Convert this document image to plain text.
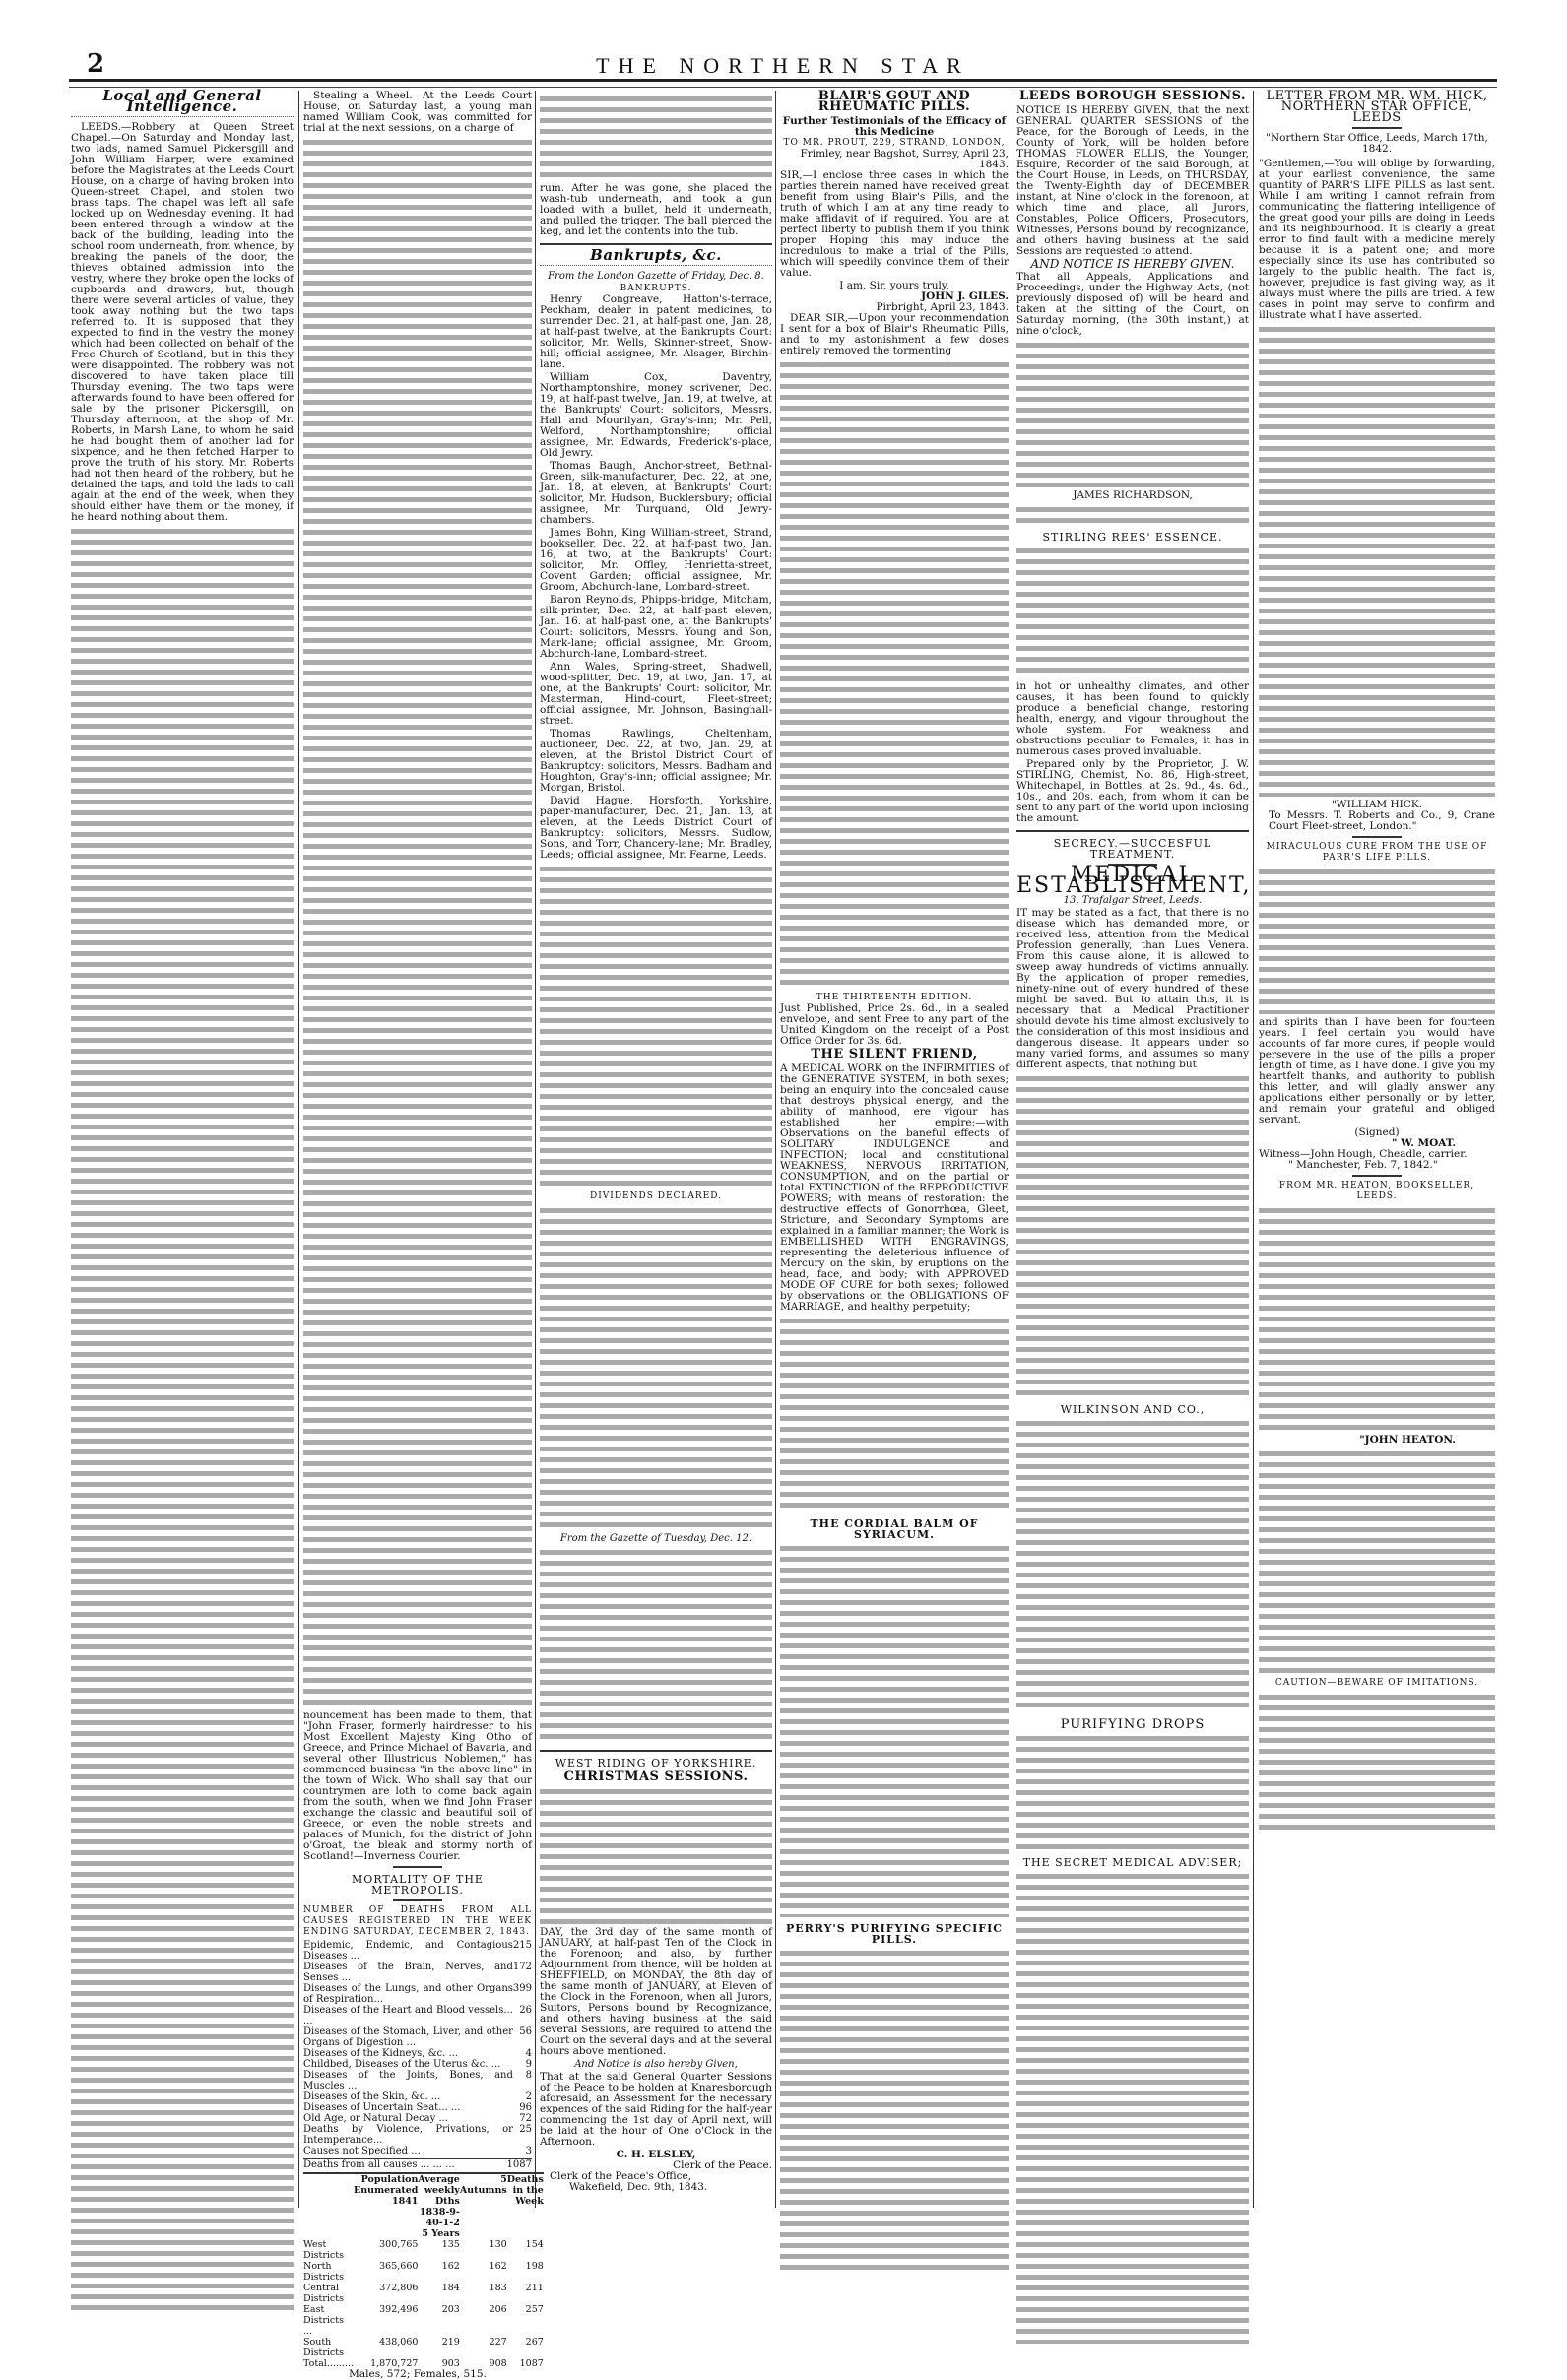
2	THE NORTHERN STAR
Local and General Intelligence.

LEEDS.—Robbery at Queen Street Chapel.—On Saturday and Monday last, two lads, named Samuel Pickersgill and John William Harper, were examined before the Magistrates at the Leeds Court House, on a charge of having broken into Queen-street Chapel, and stolen two brass taps. The chapel was left all safe locked up on Wednesday evening. It had been entered through a window at the back of the building, leading into the school room underneath, from whence, by breaking the panels of the door, the thieves obtained admission into the vestry, where they broke open the locks of cupboards and drawers; but, though there were several articles of value, they took away nothing but the two taps referred to. It is supposed that they expected to find in the vestry the money which had been collected on behalf of the Free Church of Scotland, but in this they were disappointed. The robbery was not discovered to have taken place till Thursday evening. The two taps were afterwards found to have been offered for sale by the prisoner Pickersgill, on Thursday afternoon, at the shop of Mr. Roberts, in Marsh Lane, to whom he said he had bought them of another lad for sixpence, and he then fetched Harper to prove the truth of his story. Mr. Roberts had not then heard of the robbery, but he detained the taps, and told the lads to call again at the end of the week, when they should either have them or the money, if he heard nothing about them.

Stealing a Wheel.—At the Leeds Court House, on Saturday last, a young man named William Cook, was committed for trial at the next sessions, on a charge of

nouncement has been made to them, that "John Fraser, formerly hairdresser to his Most Excellent Majesty King Otho of Greece, and Prince Michael of Bavaria, and several other Illustrious Noblemen," has commenced business "in the above line" in the town of Wick. Who shall say that our countrymen are loth to come back again from the south, when we find John Fraser exchange the classic and beautiful soil of Greece, or even the noble streets and palaces of Munich, for the district of John o'Groat, the bleak and stormy north of Scotland!—Inverness Courier.

MORTALITY OF THE METROPOLIS.

NUMBER OF DEATHS FROM ALL CAUSES REGISTERED IN THE WEEK ENDING SATURDAY, DECEMBER 2, 1843.

Epidemic, Endemic, and Contagious Diseases ...	215
Diseases of the Brain, Nerves, and Senses ...	172
Diseases of the Lungs, and other Organs of Respiration...	399
Diseases of the Heart and Blood vessels... ...	26
Diseases of the Stomach, Liver, and other Organs of Digestion ...	56
Diseases of the Kidneys, &c. ...	4
Childbed, Diseases of the Uterus &c. ...	9
Diseases of the Joints, Bones, and Muscles ...	8
Diseases of the Skin, &c. ...	2
Diseases of Uncertain Seat... ...	96
Old Age, or Natural Decay ...	72
Deaths by Violence, Privations, or Intemperance...	25
Causes not Specified ...	3
Deaths from all causes ... ... ...	1087
	Population Enumerated 1841	Average weekly Dths 1838-9-40-1-2 5 Years	5 Autumns	Deaths in the Week
West Districts	300,765	135	130	154
North Districts	365,660	162	162	198
Central Districts	372,806	184	183	211
East Districts ...	392,496	203	206	257
South Districts	438,060	219	227	267
Total.........	1,870,727	903	908	1087
Males, 572; Females, 515.

rum. After he was gone, she placed the wash-tub underneath, and took a gun loaded with a bullet, held it underneath, and pulled the trigger. The ball pierced the keg, and let the contents into the tub.

Bankrupts, &c.
From the London Gazette of Friday, Dec. 8.
BANKRUPTS.

Henry Congreave, Hatton's-terrace, Peckham, dealer in patent medicines, to surrender Dec. 21, at half-past one, Jan. 28, at half-past twelve, at the Bankrupts Court: solicitor, Mr. Wells, Skinner-street, Snow-hill; official assignee, Mr. Alsager, Birchin-lane.

William Cox, Daventry, Northamptonshire, money scrivener, Dec. 19, at half-past twelve, Jan. 19, at twelve, at the Bankrupts' Court: solicitors, Messrs. Hall and Mourilyan, Gray's-inn; Mr. Pell, Welford, Northamptonshire; official assignee, Mr. Edwards, Frederick's-place, Old Jewry.

Thomas Baugh, Anchor-street, Bethnal-Green, silk-manufacturer, Dec. 22, at one, Jan. 18, at eleven, at Bankrupts' Court: solicitor, Mr. Hudson, Bucklersbury; official assignee, Mr. Turquand, Old Jewry-chambers.

James Bohn, King William-street, Strand, bookseller, Dec. 22, at half-past two, Jan. 16, at two, at the Bankrupts' Court: solicitor, Mr. Offley, Henrietta-street, Covent Garden; official assignee, Mr. Groom, Abchurch-lane, Lombard-street.

Baron Reynolds, Phipps-bridge, Mitcham, silk-printer, Dec. 22, at half-past eleven, Jan. 16. at half-past one, at the Bankrupts' Court: solicitors, Messrs. Young and Son, Mark-lane; official assignee, Mr. Groom, Abchurch-lane, Lombard-street.

Ann Wales, Spring-street, Shadwell, wood-splitter, Dec. 19, at two, Jan. 17, at one, at the Bankrupts' Court: solicitor, Mr. Masterman, Hind-court, Fleet-street; official assignee, Mr. Johnson, Basinghall-street.

Thomas Rawlings, Cheltenham, auctioneer, Dec. 22, at two, Jan. 29, at eleven, at the Bristol District Court of Bankruptcy: solicitors, Messrs. Badham and Houghton, Gray's-inn; official assignee; Mr. Morgan, Bristol.

David Hague, Horsforth, Yorkshire, paper-manufacturer, Dec. 21, Jan. 13, at eleven, at the Leeds District Court of Bankruptcy: solicitors, Messrs. Sudlow, Sons, and Torr, Chancery-lane; Mr. Bradley, Leeds; official assignee, Mr. Fearne, Leeds.

DIVIDENDS DECLARED.
From the Gazette of Tuesday, Dec. 12.
WEST RIDING OF YORKSHIRE.
CHRISTMAS SESSIONS.

DAY, the 3rd day of the same month of JANUARY, at half-past Ten of the Clock in the Forenoon; and also, by further Adjournment from thence, will be holden at SHEFFIELD, on MONDAY, the 8th day of the same month of JANUARY, at Eleven of the Clock in the Forenoon, when all Jurors, Suitors, Persons bound by Recognizance, and others having business at the said several Sessions, are required to attend the Court on the several days and at the several hours above mentioned.

And Notice is also hereby Given,

That at the said General Quarter Sessions of the Peace to be holden at Knaresborough aforesaid, an Assessment for the necessary expences of the said Riding for the half-year commencing the 1st day of April next, will be laid at the hour of One o'Clock in the Afternoon.

C. H. ELSLEY,
Clerk of the Peace.
Clerk of the Peace's Office,
Wakefield, Dec. 9th, 1843.
BLAIR'S GOUT AND RHEUMATIC PILLS.
Further Testimonials of the Efficacy of this Medicine
TO MR. PROUT, 229, STRAND, LONDON,
Frimley, near Bagshot, Surrey, April 23, 1843.

SIR,—I enclose three cases in which the parties therein named have received great benefit from using Blair's Pills, and the truth of which I am at any time ready to make affidavit of if required. You are at perfect liberty to publish them if you think proper. Hoping this may induce the incredulous to make a trial of the Pills, which will speedily convince them of their value.

I am, Sir, yours truly,
JOHN J. GILES.
Pirbright, April 23, 1843.

DEAR SIR,—Upon your recommendation I sent for a box of Blair's Rheumatic Pills, and to my astonishment a few doses entirely removed the tormenting

THE THIRTEENTH EDITION.

Just Published, Price 2s. 6d., in a sealed envelope, and sent Free to any part of the United Kingdom on the receipt of a Post Office Order for 3s. 6d.

THE SILENT FRIEND,

A MEDICAL WORK on the INFIRMITIES of the GENERATIVE SYSTEM, in both sexes; being an enquiry into the concealed cause that destroys physical energy, and the ability of manhood, ere vigour has established her empire:—with Observations on the baneful effects of SOLITARY INDULGENCE and INFECTION; local and constitutional WEAKNESS, NERVOUS IRRITATION, CONSUMPTION, and on the partial or total EXTINCTION of the REPRODUCTIVE POWERS; with means of restoration: the destructive effects of Gonorrhœa, Gleet, Stricture, and Secondary Symptoms are explained in a familiar manner; the Work is EMBELLISHED WITH ENGRAVINGS, representing the deleterious influence of Mercury on the skin, by eruptions on the head, face, and body; with APPROVED MODE OF CURE for both sexes; followed by observations on the OBLIGATIONS OF MARRIAGE, and healthy perpetuity;

THE CORDIAL BALM OF SYRIACUM.
PERRY'S PURIFYING SPECIFIC PILLS.
LEEDS BOROUGH SESSIONS.

NOTICE IS HEREBY GIVEN, that the next GENERAL QUARTER SESSIONS of the Peace, for the Borough of Leeds, in the County of York, will be holden before THOMAS FLOWER ELLIS, the Younger, Esquire, Recorder of the said Borough, at the Court House, in Leeds, on THURSDAY, the Twenty-Eighth day of DECEMBER instant, at Nine o'clock in the forenoon, at which time and place, all Jurors, Constables, Police Officers, Prosecutors, Witnesses, Persons bound by recognizance, and others having business at the said Sessions are requested to attend.

AND NOTICE IS HEREBY GIVEN.

That all Appeals, Applications and Proceedings, under the Highway Acts, (not previously disposed of) will be heard and taken at the sitting of the Court, on Saturday morning, (the 30th instant,) at nine o'clock,

JAMES RICHARDSON,
STIRLING REES' ESSENCE.

in hot or unhealthy climates, and other causes, it has been found to quickly produce a beneficial change, restoring health, energy, and vigour throughout the whole system. For weakness and obstructions peculiar to Females, it has in numerous cases proved invaluable.

Prepared only by the Proprietor, J. W. STIRLING, Chemist, No. 86, High-street, Whitechapel, in Bottles, at 2s. 9d., 4s. 6d., 10s., and 20s. each, from whom it can be sent to any part of the world upon inclosing the amount.

SECRECY.—SUCCESFUL TREATMENT.
MEDICAL ESTABLISHMENT,
13, Trafalgar Street, Leeds.

IT may be stated as a fact, that there is no disease which has demanded more, or received less, attention from the Medical Profession generally, than Lues Venera. From this cause alone, it is allowed to sweep away hundreds of victims annually. By the application of proper remedies, ninety-nine out of every hundred of these might be saved. But to attain this, it is necessary that a Medical Practitioner should devote his time almost exclusively to the consideration of this most insidious and dangerous disease. It appears under so many varied forms, and assumes so many different aspects, that nothing but

WILKINSON AND CO.,
PURIFYING DROPS
THE SECRET MEDICAL ADVISER;
LETTER FROM MR. WM. HICK, NORTHERN STAR OFFICE, LEEDS
"Northern Star Office, Leeds, March 17th, 1842.

"Gentlemen,—You will oblige by forwarding, at your earliest convenience, the same quantity of PARR'S LIFE PILLS as last sent. While I am writing I cannot refrain from communicating the flattering intelligence of the great good your pills are doing in Leeds and its neighbourhood. It is clearly a great error to find fault with a medicine merely because it is a patent one; and more especially since its use has contributed so largely to the public health. The fact is, however, prejudice is fast giving way, as it always must where the pills are tried. A few cases in point may serve to confirm and illustrate what I have asserted.

"WILLIAM HICK.
To Messrs. T. Roberts and Co., 9, Crane Court Fleet-street, London."
MIRACULOUS CURE FROM THE USE OF PARR'S LIFE PILLS.

and spirits than I have been for fourteen years. I feel certain you would have accounts of far more cures, if people would persevere in the use of the pills a proper length of time, as I have done. I give you my heartfelt thanks, and authority to publish this letter, and will gladly answer any applications either personally or by letter, and remain your grateful and obliged servant.

(Signed)
" W. MOAT.
Witness—John Hough, Cheadle, carrier.
" Manchester, Feb. 7, 1842."
FROM MR. HEATON, BOOKSELLER, LEEDS.
"JOHN HEATON.
CAUTION—BEWARE OF IMITATIONS.
